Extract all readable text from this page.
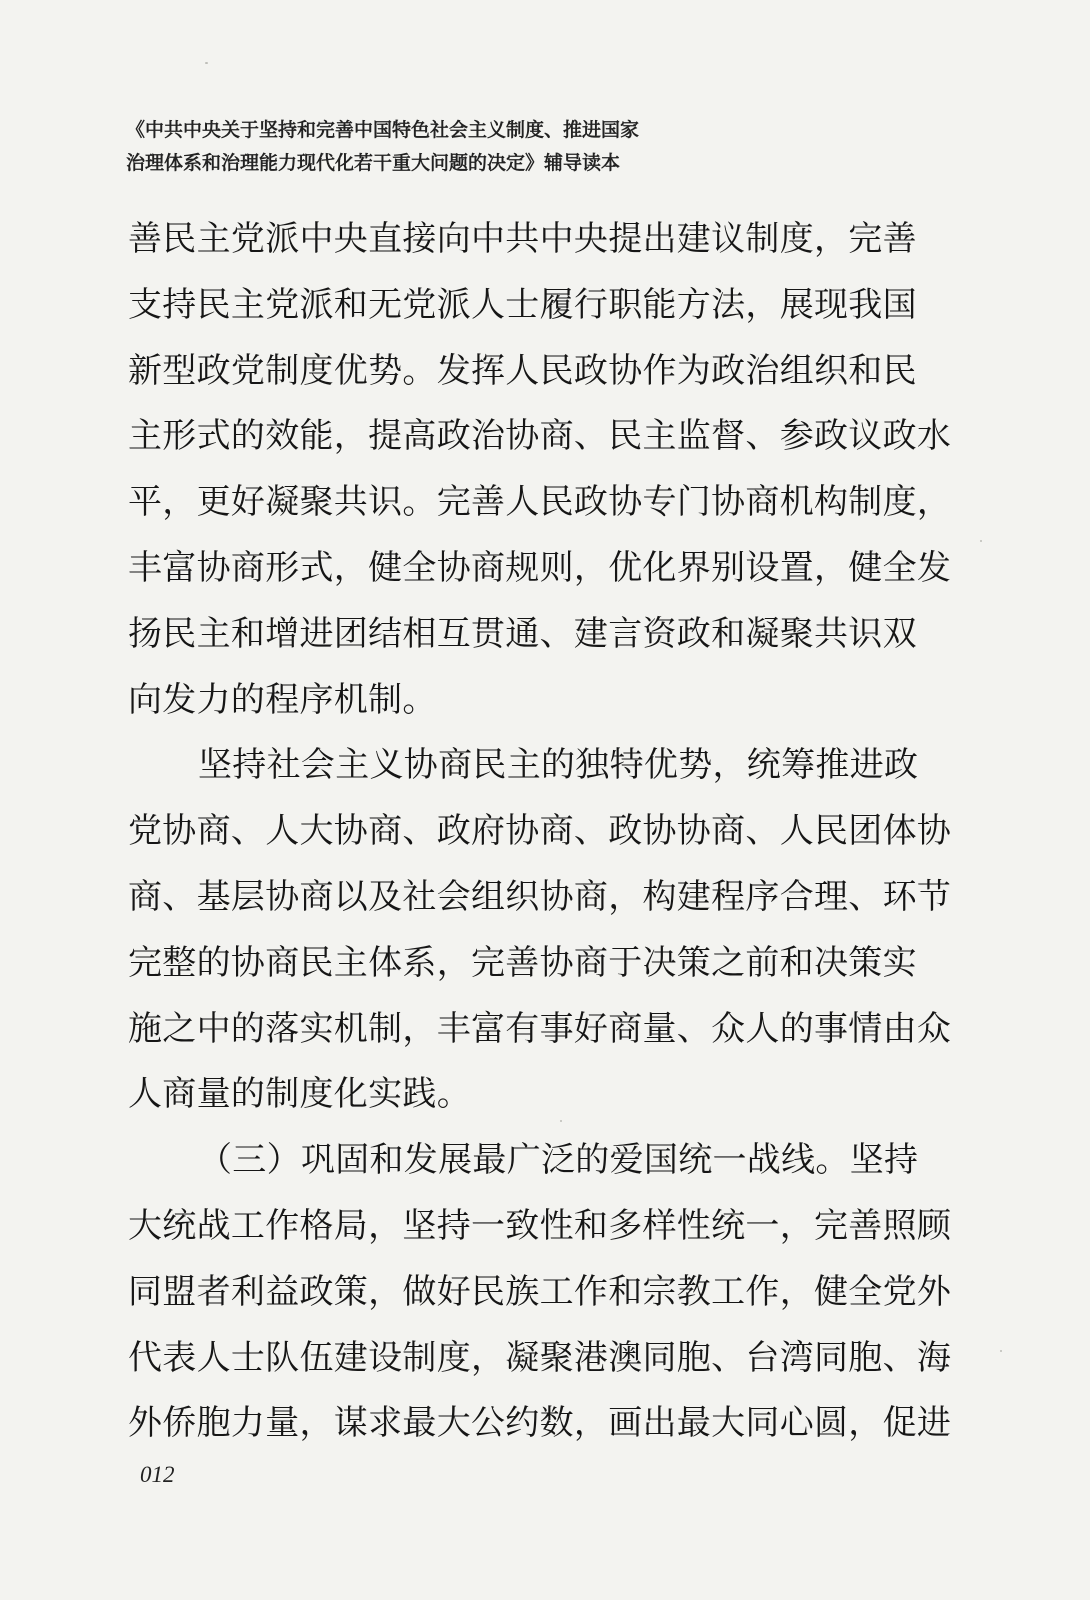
《中共中央关于坚持和完善中国特色社会主义制度、推进国家
治理体系和治理能力现代化若干重大问题的决定》辅导读本
善民主党派中央直接向中共中央提出建议制度，完善
支持民主党派和无党派人士履行职能方法，展现我国
新型政党制度优势。发挥人民政协作为政治组织和民
主形式的效能，提高政治协商、民主监督、参政议政水
平，更好凝聚共识。完善人民政协专门协商机构制度，
丰富协商形式，健全协商规则，优化界别设置，健全发
扬民主和增进团结相互贯通、建言资政和凝聚共识双
向发力的程序机制。
坚持社会主义协商民主的独特优势，统筹推进政
党协商、人大协商、政府协商、政协协商、人民团体协
商、基层协商以及社会组织协商，构建程序合理、环节
完整的协商民主体系，完善协商于决策之前和决策实
施之中的落实机制，丰富有事好商量、众人的事情由众
人商量的制度化实践。
（三）巩固和发展最广泛的爱国统一战线。坚持
大统战工作格局，坚持一致性和多样性统一，完善照顾
同盟者利益政策，做好民族工作和宗教工作，健全党外
代表人士队伍建设制度，凝聚港澳同胞、台湾同胞、海
外侨胞力量，谋求最大公约数，画出最大同心圆，促进
012
